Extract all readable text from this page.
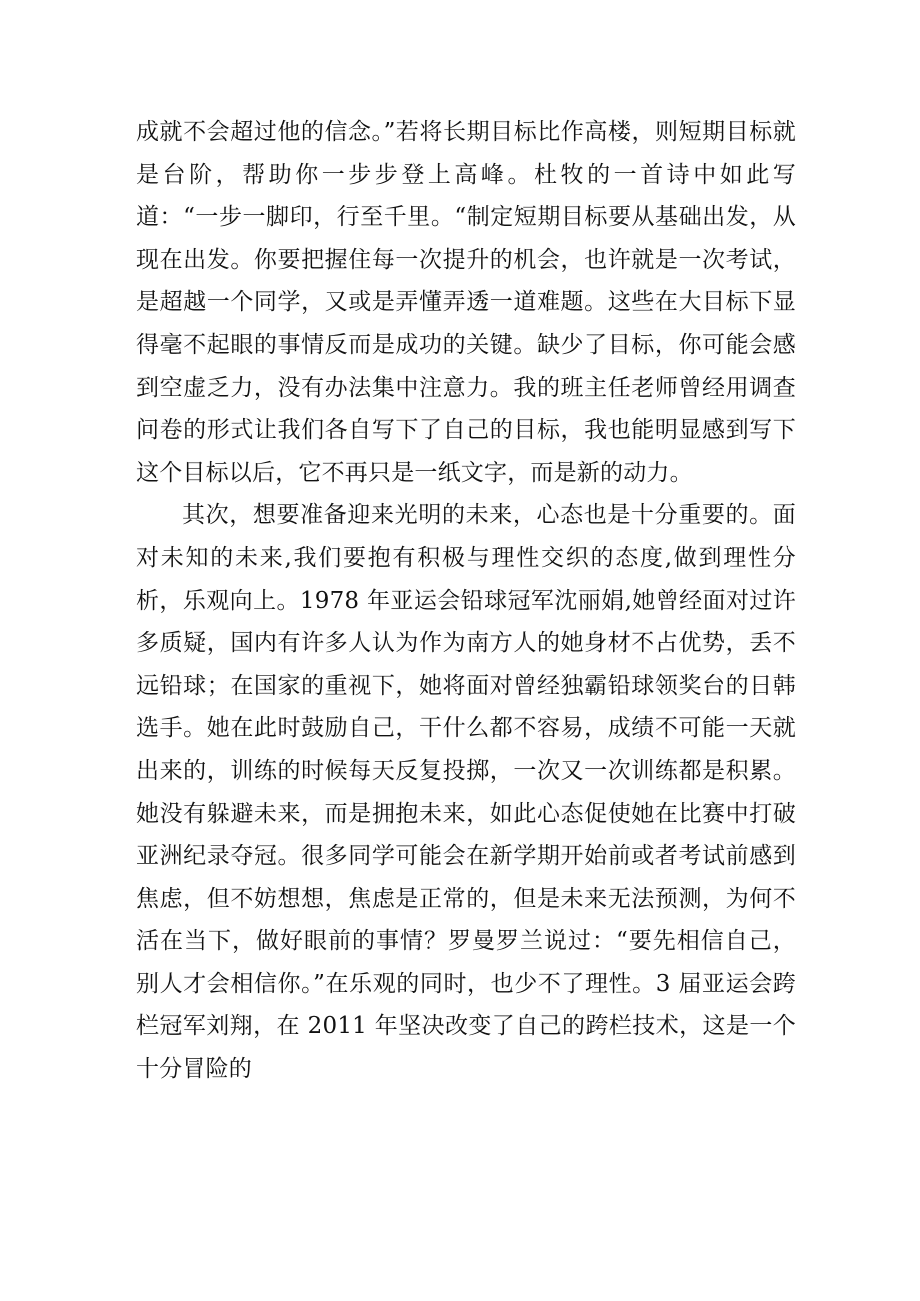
成就不会超过他的信念。”若将长期目标比作高楼，则短期目标就是台阶，帮助你一步步登上高峰。杜牧的一首诗中如此写道：“一步一脚印，行至千里。“制定短期目标要从基础出发，从现在出发。你要把握住每一次提升的机会，也许就是一次考试，是超越一个同学，又或是弄懂弄透一道难题。这些在大目标下显得毫不起眼的事情反而是成功的关键。缺少了目标，你可能会感到空虚乏力，没有办法集中注意力。我的班主任老师曾经用调查问卷的形式让我们各自写下了自己的目标，我也能明显感到写下这个目标以后，它不再只是一纸文字，而是新的动力。

其次，想要准备迎来光明的未来，心态也是十分重要的。面对未知的未来,我们要抱有积极与理性交织的态度,做到理性分析，乐观向上。1978 年亚运会铅球冠军沈丽娟,她曾经面对过许多质疑，国内有许多人认为作为南方人的她身材不占优势，丢不远铅球；在国家的重视下，她将面对曾经独霸铅球领奖台的日韩选手。她在此时鼓励自己，干什么都不容易，成绩不可能一天就出来的，训练的时候每天反复投掷，一次又一次训练都是积累。她没有躲避未来，而是拥抱未来，如此心态促使她在比赛中打破亚洲纪录夺冠。很多同学可能会在新学期开始前或者考试前感到焦虑，但不妨想想，焦虑是正常的，但是未来无法预测，为何不活在当下，做好眼前的事情？罗曼罗兰说过：“要先相信自己，别人才会相信你。”在乐观的同时，也少不了理性。3 届亚运会跨栏冠军刘翔，在 2011 年坚决改变了自己的跨栏技术，这是一个十分冒险的
